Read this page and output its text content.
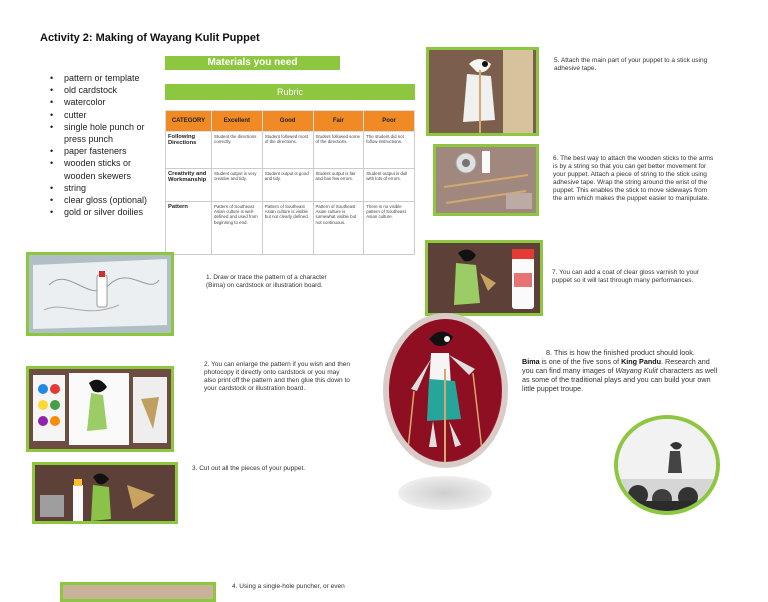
Activity 2: Making of Wayang Kulit Puppet
Materials you need
• pattern or template
• old cardstock
• watercolor
• cutter
• single hole punch or press punch
• paper fasteners
• wooden sticks or wooden skewers
• string
• clear gloss (optional)
• gold or silver doilies
Rubric
CATEGORY	Excellent	Good	Fair	Poor
Following Directions	Student the directions correctly.	Student followed most of the directions.	Student followed some of the directions.	The student did not follow instructions.
Creativity and Workmanship	Student output is very creative and tidy.	Student output is good and tidy.	Student output is fair and has few errors.	Student output is dull with lots of errors.
Pattern	Pattern of Southeast Asian culture is well-defined and used from beginning to end.	Pattern of Southeast Asian culture is visible but not clearly defined.	Pattern of Southeast Asian culture is somewhat visible but not continuous.	There is no visible pattern of Southeast Asian culture.
1. Draw or trace the pattern of a character (Bima) on cardstock or illustration board.
2. You can enlarge the pattern if you wish and then photocopy it directly onto cardstock or you may also print off the pattern and then glue this down to your cardstock or illustration board.
3. Cut out all the pieces of your puppet.
4. Using a single-hole puncher, or even
5. Attach the main part of your puppet to a stick using adhesive tape.
6. The best way to attach the wooden sticks to the arms is by a string so that you can get better movement for your puppet. Attach a piece of string to the stick using adhesive tape. Wrap the string around the wrist of the puppet. This enables the stick to move sideways from the arm which makes the puppet easier to manipulate.
7. You can add a coat of clear gloss varnish to your puppet so it will last through many performances.
8. This is how the finished product should look.
Bima is one of the five sons of King Pandu. Research and you can find many images of Wayang Kulit characters as well as some of the traditional plays and you can build your own little puppet troupe.
